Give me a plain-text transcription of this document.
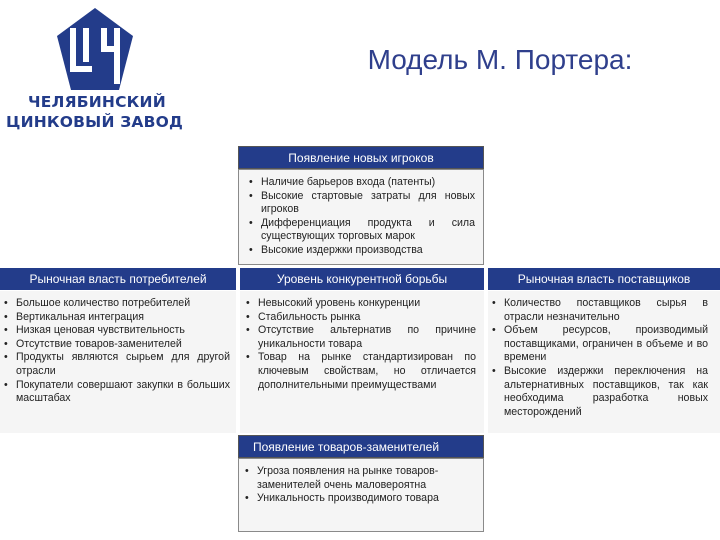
ЧЕЛЯБИНСКИЙ
ЦИНКОВЫЙ ЗАВОД
Модель М. Портера:
Появление новых игроков
• Наличие барьеров входа (патенты)
• Высокие стартовые затраты для новых игроков
• Дифференциация продукта и сила существующих торговых марок
• Высокие издержки производства
Рыночная власть потребителей	Уровень конкурентной борьбы	Рыночная власть поставщиков
• Большое количество потребителей
• Вертикальная интеграция
• Низкая ценовая чувствительность
• Отсутствие товаров-заменителей
• Продукты являются сырьем для другой отрасли
• Покупатели совершают закупки в больших масштабах
• Невысокий уровень конкуренции
• Стабильность рынка
• Отсутствие альтернатив по причине уникальности товара
• Товар на рынке стандартизирован по ключевым свойствам, но отличается дополнительными преимуществами
• Количество поставщиков сырья в отрасли незначительно
• Объем ресурсов, производимый поставщиками, ограничен в объеме и во времени
• Высокие издержки переключения на альтернативных поставщиков, так как необходима разработка новых месторождений
Появление товаров-заменителей
• Угроза появления на рынке товаров-заменителей очень маловероятна
• Уникальность производимого товара
